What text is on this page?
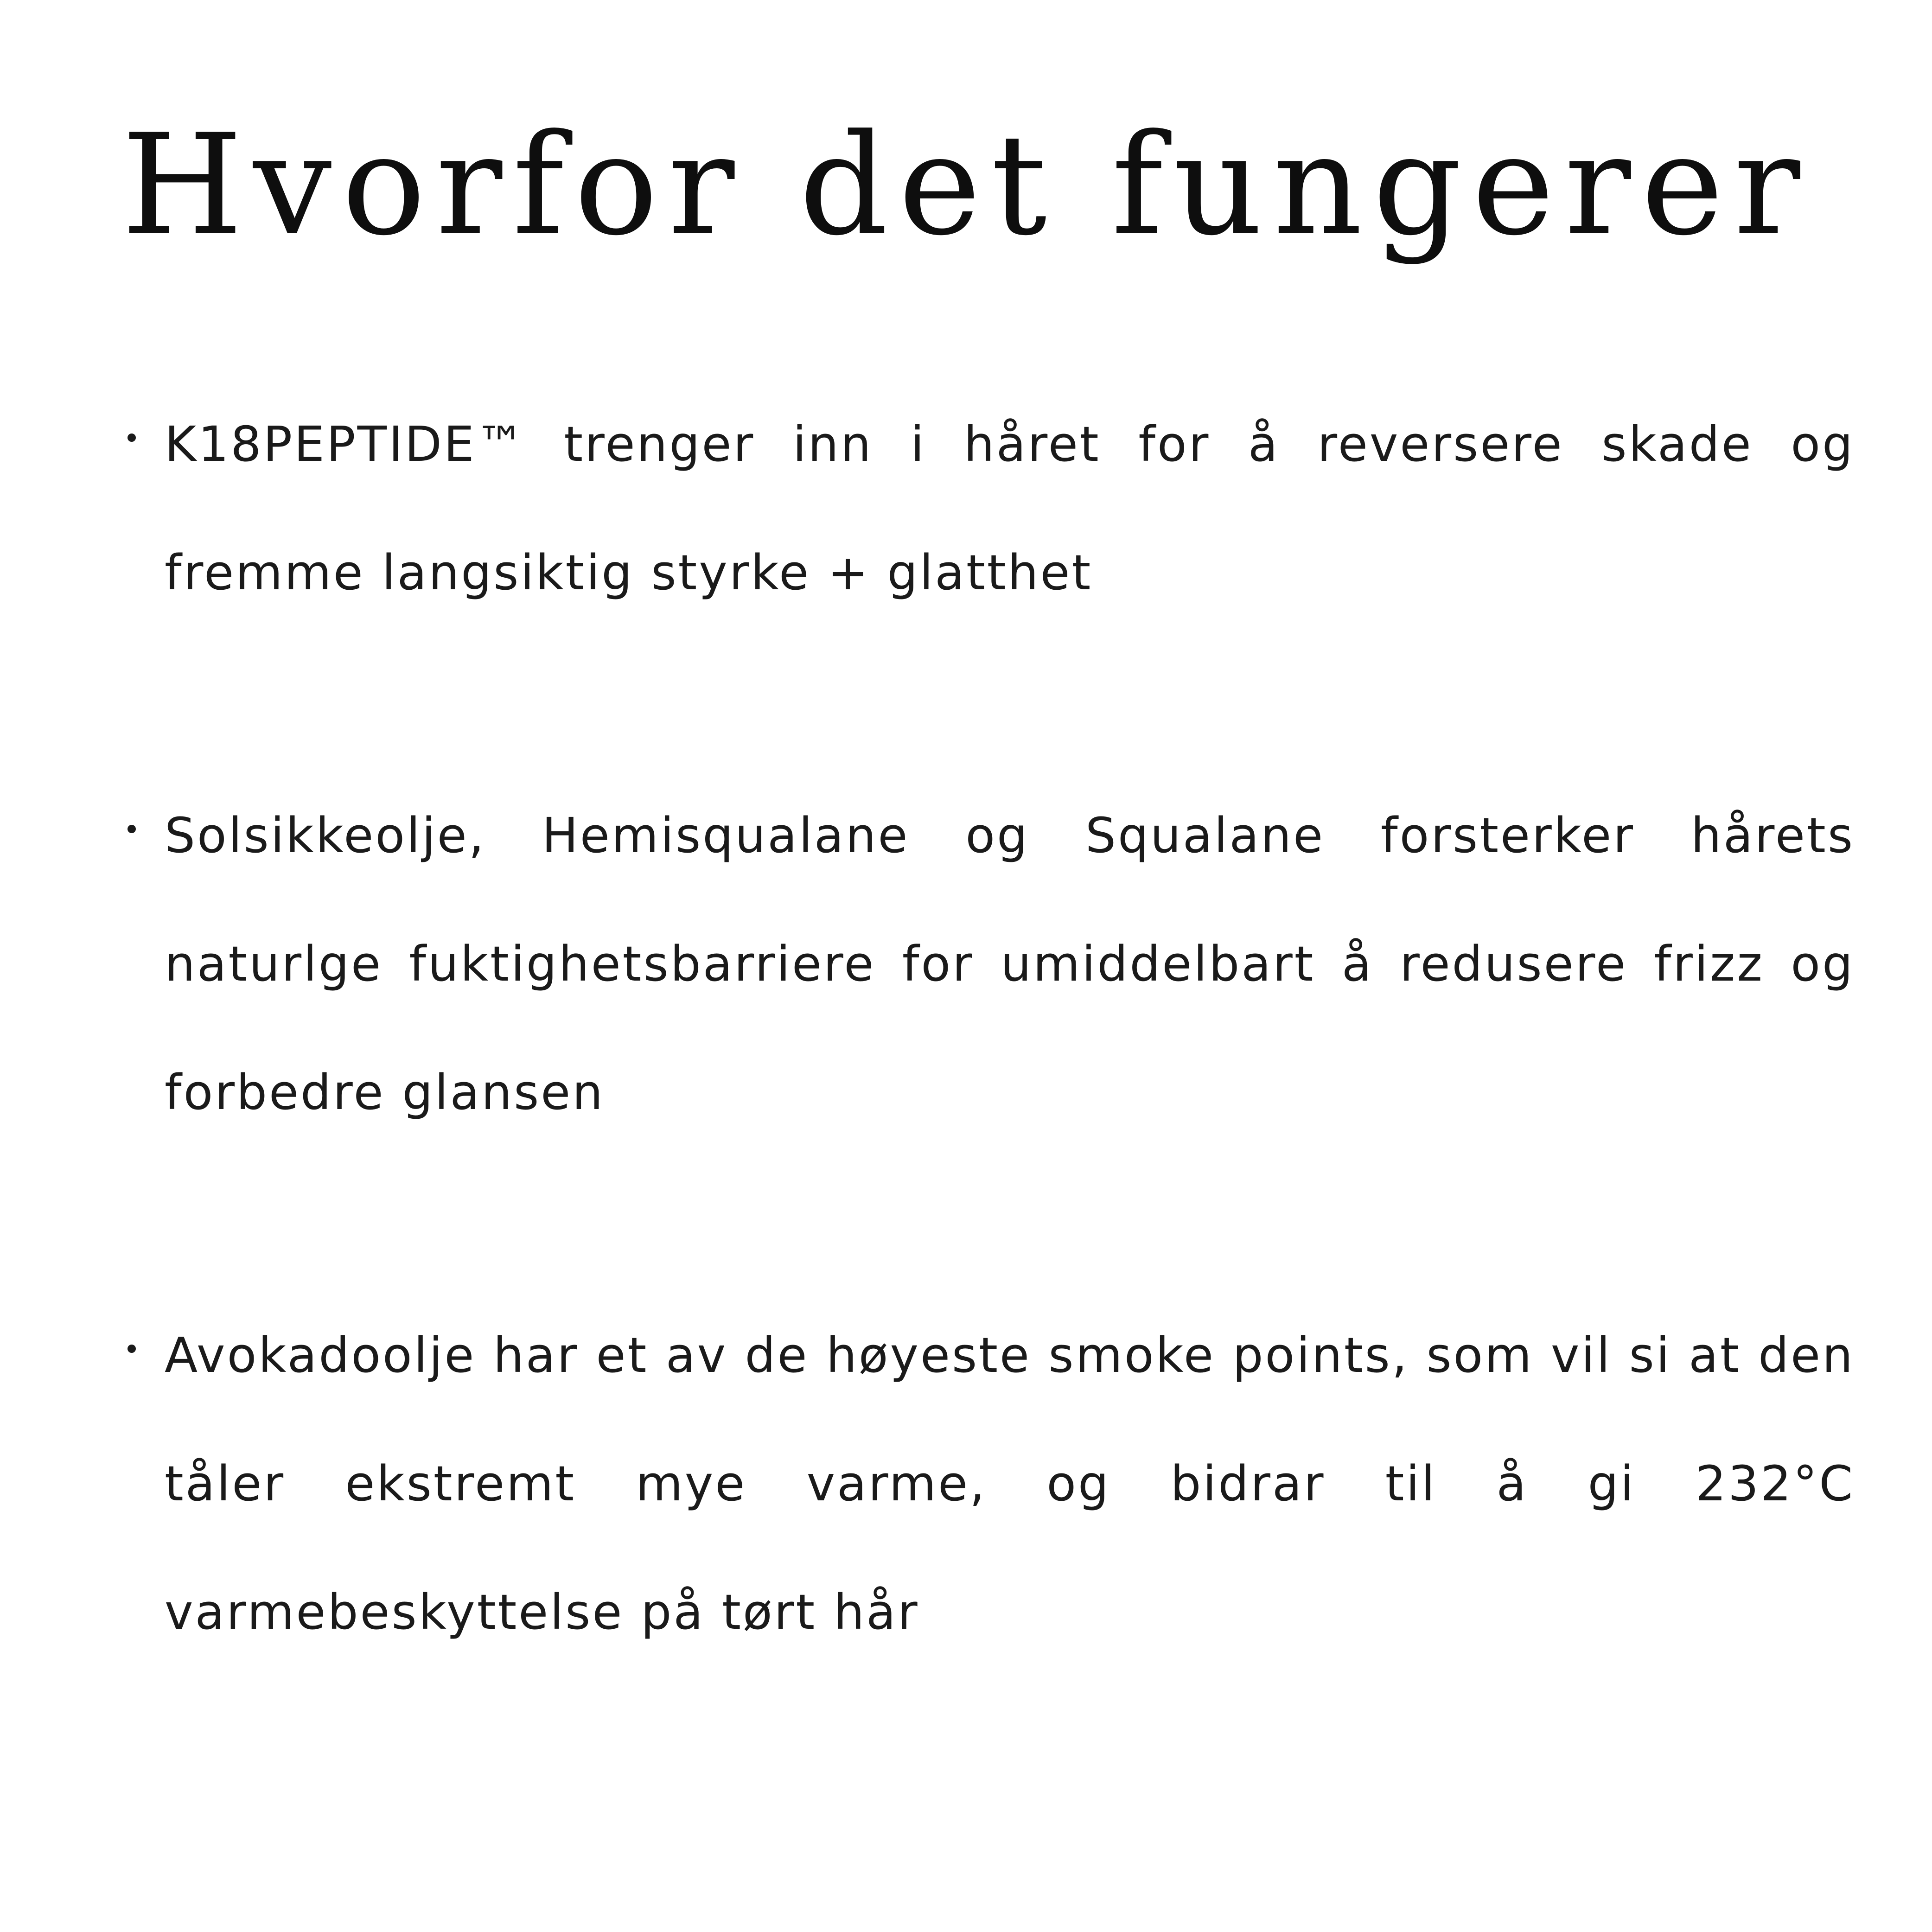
Hvorfor det fungerer
K18PEPTIDE™ trenger inn i håret for å reversere skade og fremme langsiktig styrke + glatthet
Solsikkeolje, Hemisqualane og Squalane forsterker hårets naturlge fuktighetsbarriere for umiddelbart å redusere frizz og forbedre glansen
Avokadoolje har et av de høyeste smoke points, som vil si at den tåler ekstremt mye varme, og bidrar til å gi 232°C varmebeskyttelse på tørt hår
